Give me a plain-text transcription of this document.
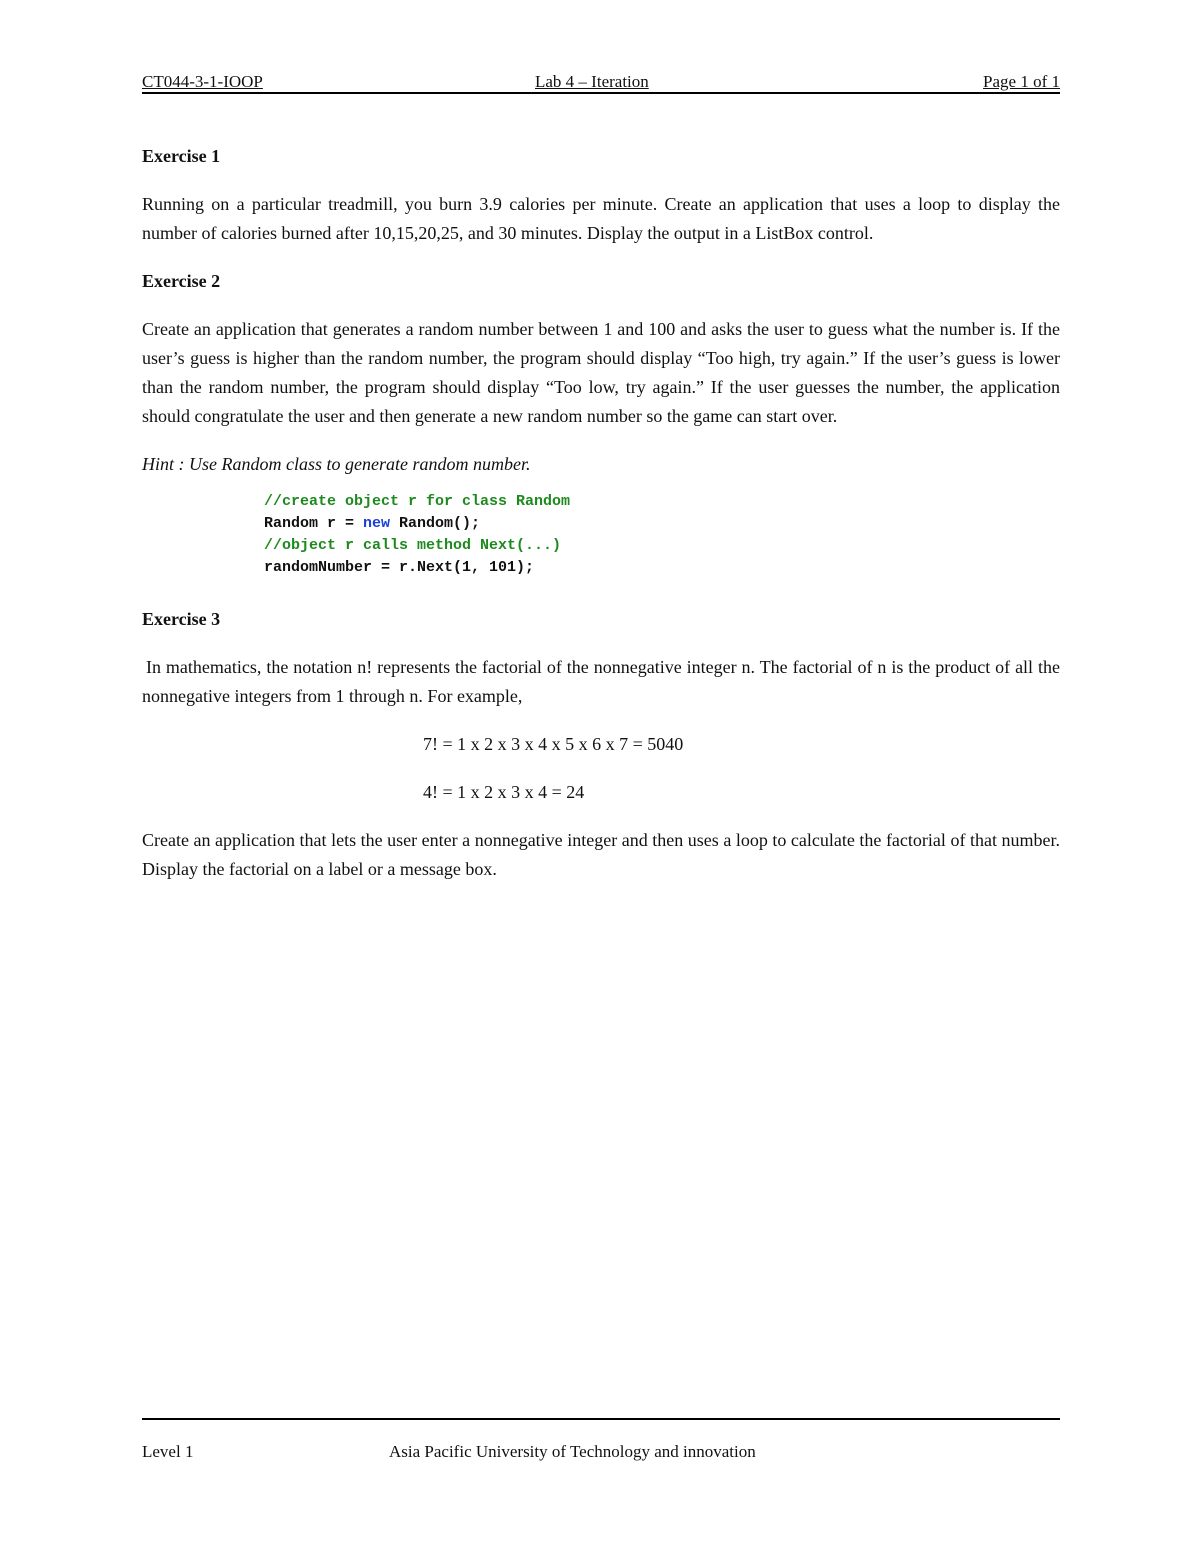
CT044-3-1-IOOP	Lab 4 – Iteration	Page 1 of 1
Exercise 1
Running on a particular treadmill, you burn 3.9 calories per minute. Create an application that uses a loop to display the number of calories burned after 10,15,20,25, and 30 minutes. Display the output in a ListBox control.
Exercise 2
Create an application that generates a random number between 1 and 100 and asks the user to guess what the number is. If the user’s guess is higher than the random number, the program should display “Too high, try again.” If the user’s guess is lower than the random number, the program should display “Too low, try again.” If the user guesses the number, the application should congratulate the user and then generate a new random number so the game can start over.
Hint : Use Random class to generate random number.
//create object r for class Random
Random r = new Random();
//object r calls method Next(...)
randomNumber = r.Next(1, 101);
Exercise 3
In mathematics, the notation n! represents the factorial of the nonnegative integer n. The factorial of n is the product of all the nonnegative integers from 1 through n. For example,
7! = 1 x 2 x 3 x 4 x 5 x 6 x 7 = 5040
4! = 1 x 2 x 3 x 4 = 24
Create an application that lets the user enter a nonnegative integer and then uses a loop to calculate the factorial of that number. Display the factorial on a label or a message box.
Level 1	Asia Pacific University of Technology and innovation
